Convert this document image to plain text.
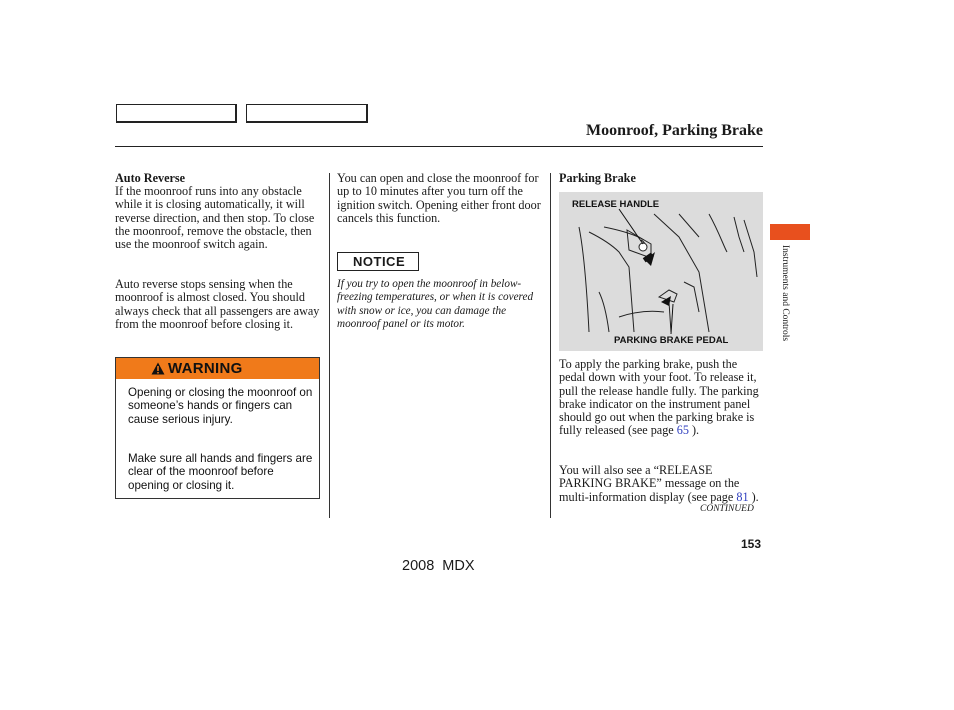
Moonroof, Parking Brake
Auto Reverse
If the moonroof runs into any obstacle while it is closing automatically, it will reverse direction, and then stop. To close the moonroof, remove the obstacle, then use the moonroof switch again.
Auto reverse stops sensing when the moonroof is almost closed. You should always check that all passengers are away from the moonroof before closing it.
WARNING
Opening or closing the moonroof on someone’s hands or fingers can cause serious injury.
Make sure all hands and fingers are clear of the moonroof before opening or closing it.
You can open and close the moonroof for up to 10 minutes after you turn off the ignition switch. Opening either front door cancels this function.
NOTICE
If you try to open the moonroof in below-freezing temperatures, or when it is covered with snow or ice, you can damage the moonroof panel or its motor.
Parking Brake
RELEASE HANDLE
PARKING BRAKE PEDAL
To apply the parking brake, push the pedal down with your foot. To release it, pull the release handle fully. The parking brake indicator on the instrument panel should go out when the parking brake is fully released (see page 65 ).
You will also see a “RELEASE PARKING BRAKE” message on the multi-information display (see page 81 ).
CONTINUED
Instruments and Controls
153
2008 MDX
